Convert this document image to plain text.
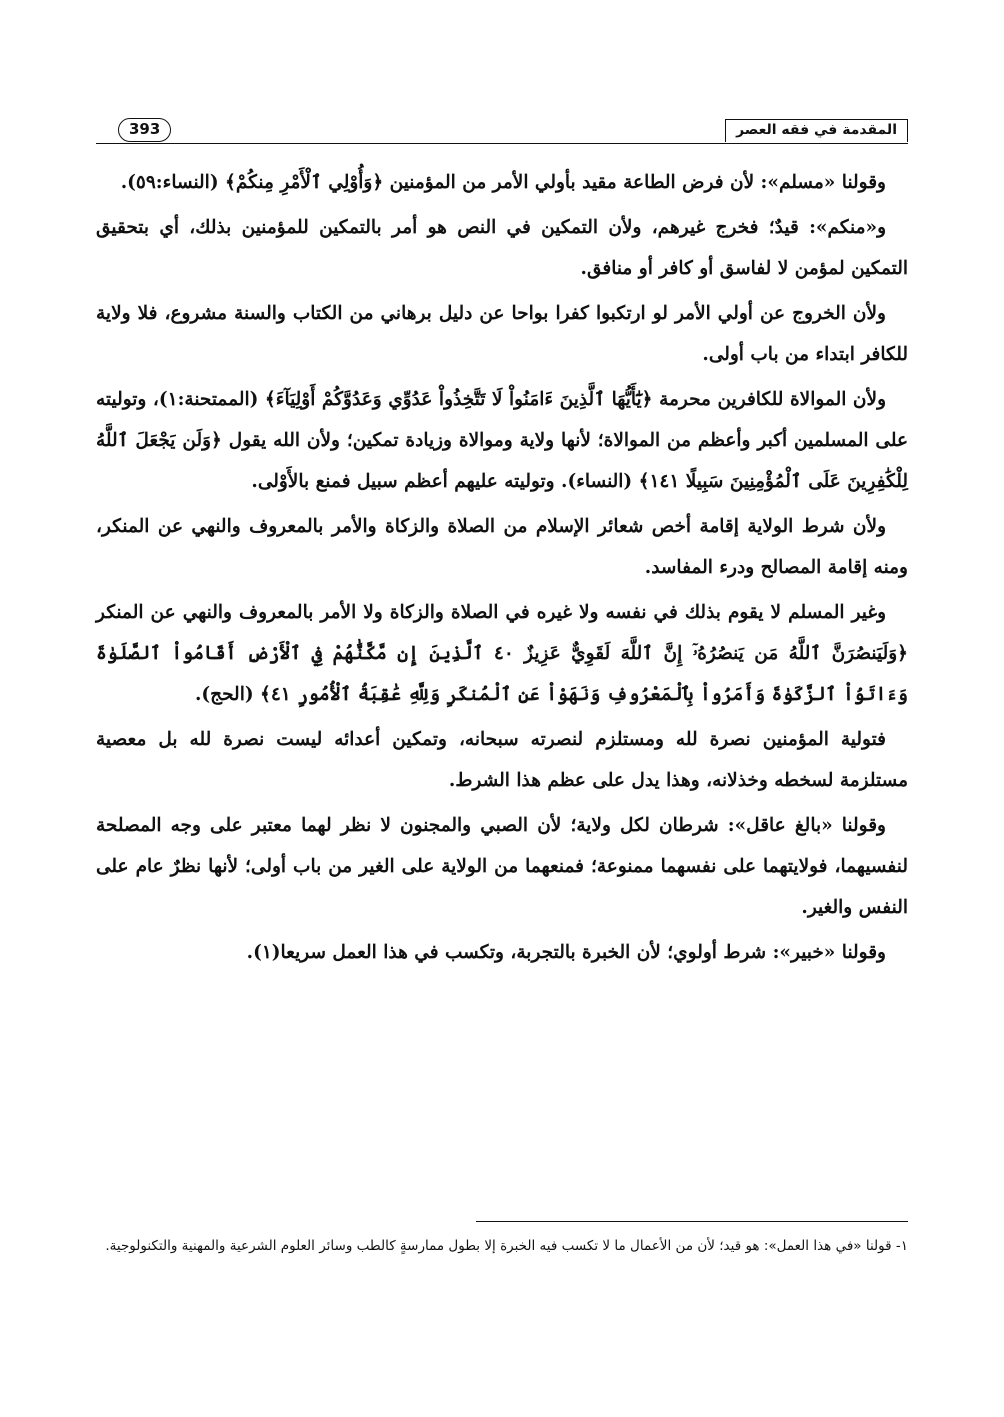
المقدمة في فقه العصر
393

وقولنا «مسلم»: لأن فرض الطاعة مقيد بأولي الأمر من المؤمنين ﴿وَأُوْلِي ٱلْأَمْرِ مِنكُمْ﴾ (النساء:٥٩).

و«منكم»: قيدٌ؛ فخرج غيرهم، ولأن التمكين في النص هو أمر بالتمكين للمؤمنين بذلك، أي بتحقيق التمكين لمؤمن لا لفاسق أو كافر أو منافق.

ولأن الخروج عن أولي الأمر لو ارتكبوا كفرا بواحا عن دليل برهاني من الكتاب والسنة مشروع، فلا ولاية للكافر ابتداء من باب أولى.

ولأن الموالاة للكافرين محرمة ﴿يَٰٓأَيُّهَا ٱلَّذِينَ ءَامَنُواْ لَا تَتَّخِذُواْ عَدُوِّي وَعَدُوَّكُمْ أَوْلِيَآءَ﴾ (الممتحنة:١)، وتوليته على المسلمين أكبر وأعظم من الموالاة؛ لأنها ولاية وموالاة وزيادة تمكين؛ ولأن الله يقول ﴿وَلَن يَجْعَلَ ٱللَّهُ لِلْكَٰفِرِينَ عَلَى ٱلْمُؤْمِنِينَ سَبِيلًا ١٤١﴾ (النساء). وتوليته عليهم أعظم سبيل فمنع بالأَوْلى.

ولأن شرط الولاية إقامة أخص شعائر الإسلام من الصلاة والزكاة والأمر بالمعروف والنهي عن المنكر، ومنه إقامة المصالح ودرء المفاسد.

وغير المسلم لا يقوم بذلك في نفسه ولا غيره في الصلاة والزكاة ولا الأمر بالمعروف والنهي عن المنكر ﴿وَلَيَنصُرَنَّ ٱللَّهُ مَن يَنصُرُهُۥٓ إِنَّ ٱللَّهَ لَقَوِيٌّ عَزِيزٌ ٤٠ ٱلَّذِينَ إِن مَّكَّنَّٰهُمْ فِي ٱلْأَرْضِ أَقَامُواْ ٱلصَّلَوٰةَ وَءَاتَوُاْ ٱلزَّكَوٰةَ وَأَمَرُواْ بِٱلْمَعْرُوفِ وَنَهَوْاْ عَنِ ٱلْمُنكَرِ وَلِلَّهِ عَٰقِبَةُ ٱلْأُمُورِ ٤١﴾ (الحج).

فتولية المؤمنين نصرة لله ومستلزم لنصرته سبحانه، وتمكين أعدائه ليست نصرة لله بل معصية مستلزمة لسخطه وخذلانه، وهذا يدل على عظم هذا الشرط.

وقولنا «بالغ عاقل»: شرطان لكل ولاية؛ لأن الصبي والمجنون لا نظر لهما معتبر على وجه المصلحة لنفسيهما، فولايتهما على نفسهما ممنوعة؛ فمنعهما من الولاية على الغير من باب أولى؛ لأنها نظرٌ عام على النفس والغير.

وقولنا «خبير»: شرط أولوي؛ لأن الخبرة بالتجربة، وتكسب في هذا العمل سريعا(١).

١- قولنا «في هذا العمل»: هو قيد؛ لأن من الأعمال ما لا تكسب فيه الخبرة إلا بطول ممارسةٍ كالطب وسائر العلوم الشرعية والمهنية والتكنولوجية.
